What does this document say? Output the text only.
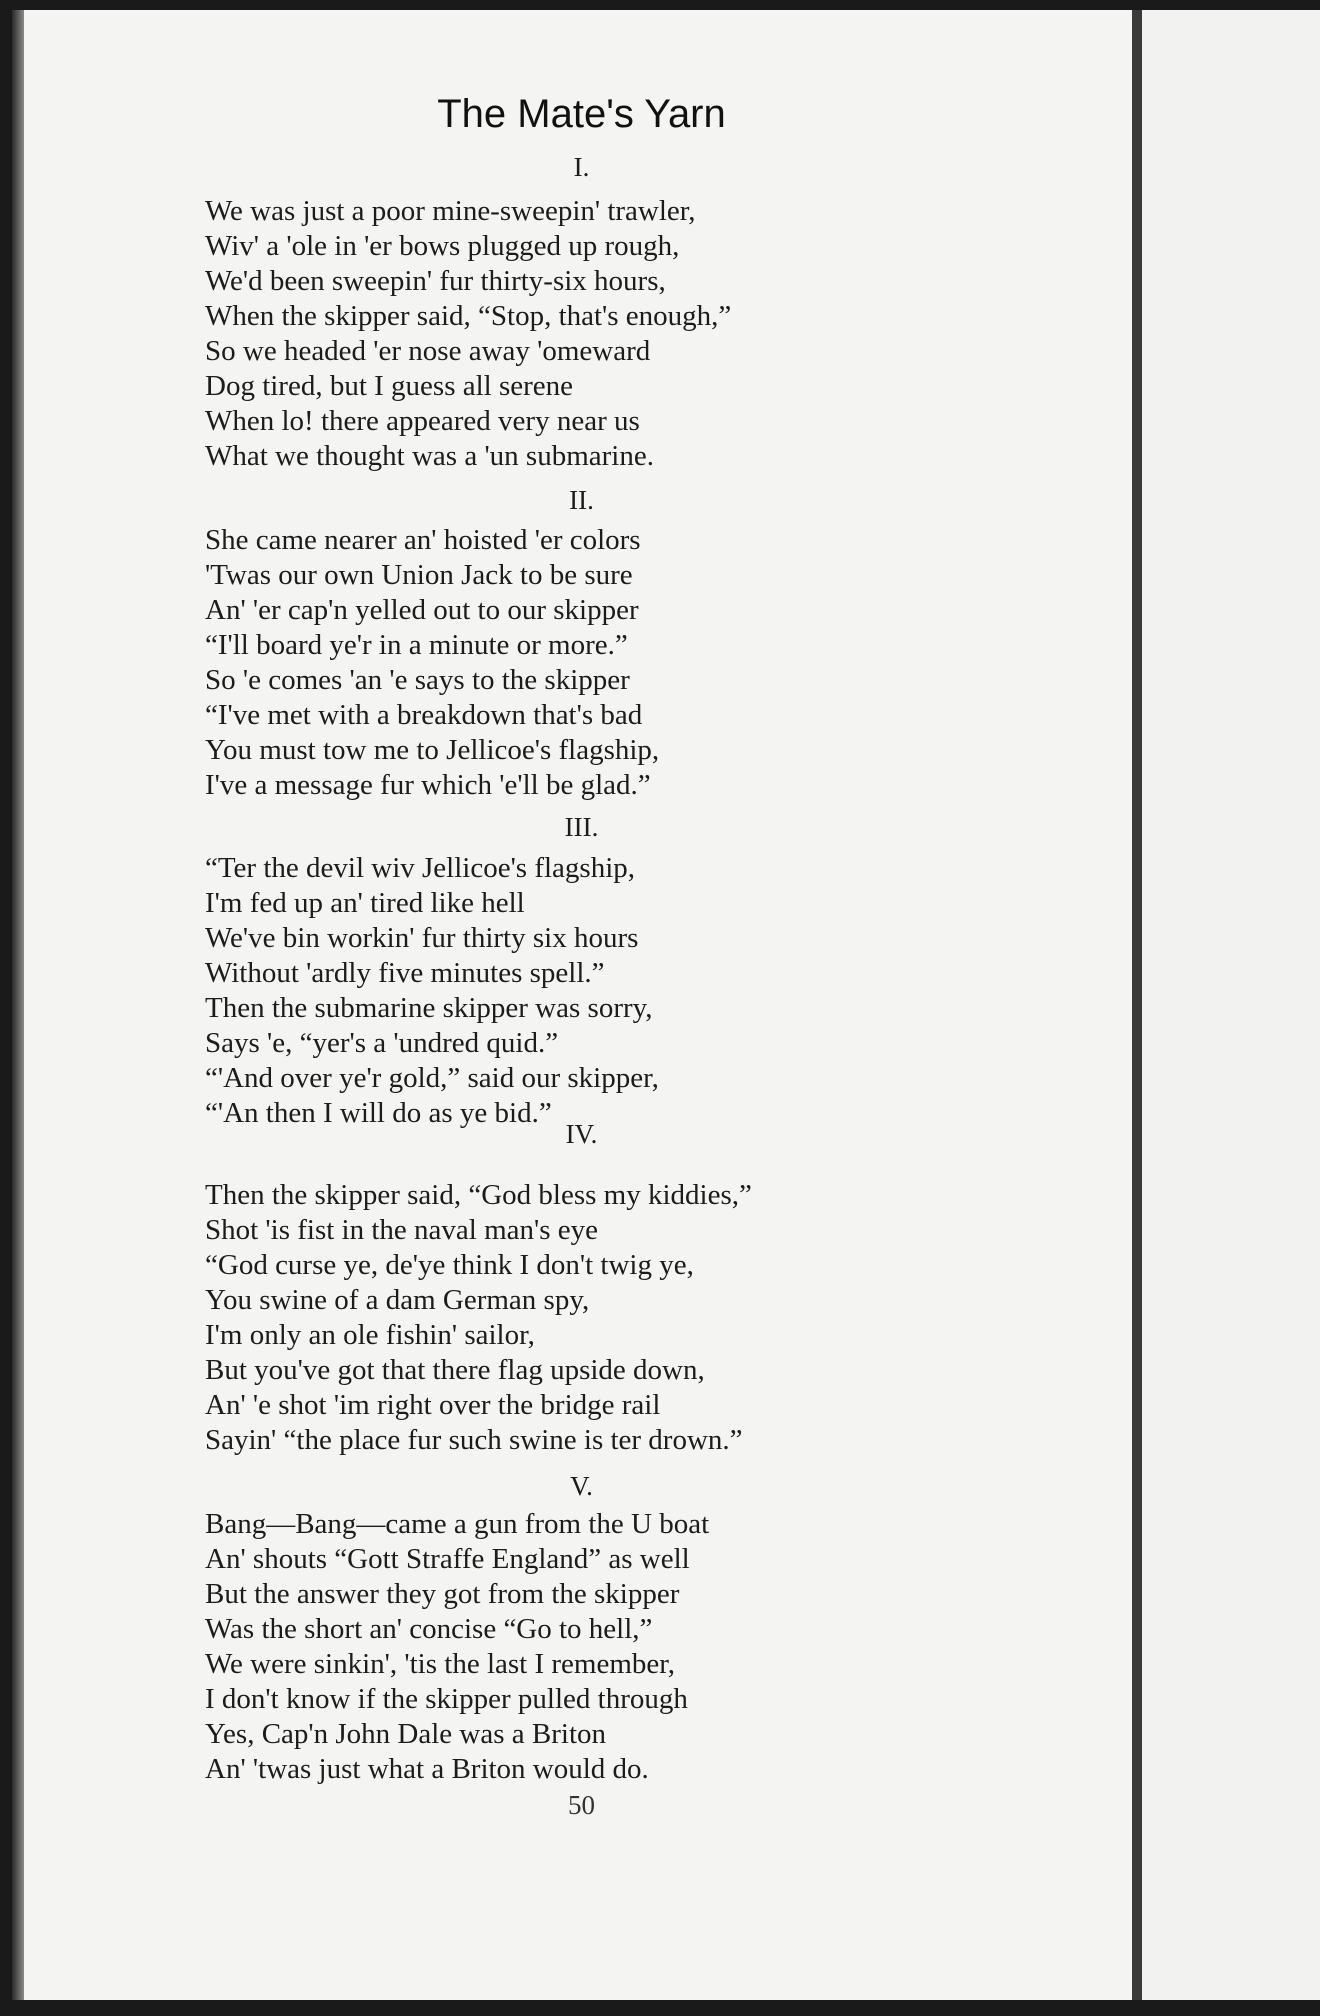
The Mate's Yarn
I.
We was just a poor mine-sweepin' trawler,
Wiv' a 'ole in 'er bows plugged up rough,
We'd been sweepin' fur thirty-six hours,
When the skipper said, “Stop, that's enough,”
So we headed 'er nose away 'omeward
Dog tired, but I guess all serene
When lo! there appeared very near us
What we thought was a 'un submarine.
II.
She came nearer an' hoisted 'er colors
'Twas our own Union Jack to be sure
An' 'er cap'n yelled out to our skipper
“I'll board ye'r in a minute or more.”
So 'e comes 'an 'e says to the skipper
“I've met with a breakdown that's bad
You must tow me to Jellicoe's flagship,
I've a message fur which 'e'll be glad.”
III.
“Ter the devil wiv Jellicoe's flagship,
I'm fed up an' tired like hell
We've bin workin' fur thirty six hours
Without 'ardly five minutes spell.”
Then the submarine skipper was sorry,
Says 'e, “yer's a 'undred quid.”
“'And over ye'r gold,” said our skipper,
“'An then I will do as ye bid.”
IV.
Then the skipper said, “God bless my kiddies,”
Shot 'is fist in the naval man's eye
“God curse ye, de'ye think I don't twig ye,
You swine of a dam German spy,
I'm only an ole fishin' sailor,
But you've got that there flag upside down,
An' 'e shot 'im right over the bridge rail
Sayin' “the place fur such swine is ter drown.”
V.
Bang—Bang—came a gun from the U boat
An' shouts “Gott Straffe England” as well
But the answer they got from the skipper
Was the short an' concise “Go to hell,”
We were sinkin', 'tis the last I remember,
I don't know if the skipper pulled through
Yes, Cap'n John Dale was a Briton
An' 'twas just what a Briton would do.
50
